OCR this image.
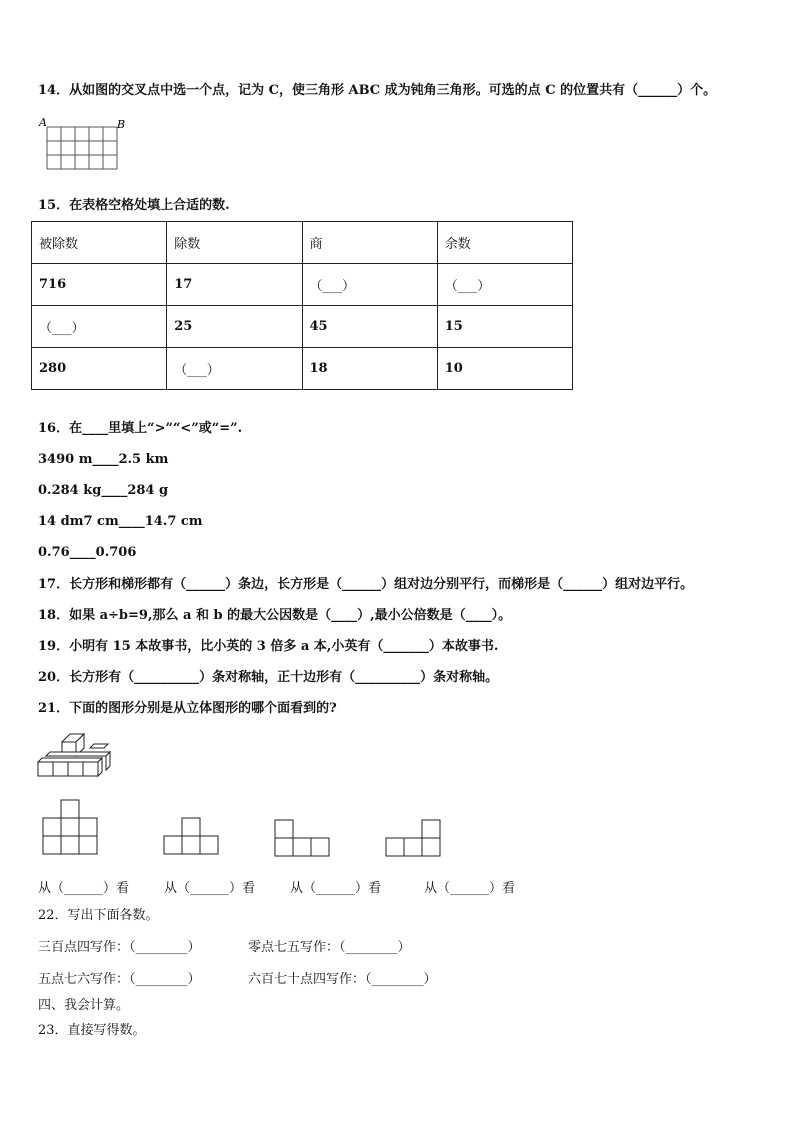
14．从如图的交叉点中选一个点，记为 C，使三角形 ABC 成为钝角三角形。可选的点 C 的位置共有（______）个。
A	B
15．在表格空格处填上合适的数.
被除数	除数	商	余数
716	17	（___）	（___）
（___）	25	45	15
280	（___）	18	10
16．在____里填上“>”“<”或“=”.
3490 m____2.5 km
0.284 kg____284 g
14 dm7 cm____14.7 cm
0.76____0.706
17．长方形和梯形都有（______）条边，长方形是（______）组对边分别平行，而梯形是（______）组对边平行。
18．如果 a÷b=9,那么 a 和 b 的最大公因数是（____）,最小公倍数是（____）。
19．小明有 15 本故事书，比小英的 3 倍多 a 本,小英有（_______）本故事书.
20．长方形有（__________）条对称轴，正十边形有（__________）条对称轴。
21．下面的图形分别是从立体图形的哪个面看到的?
从（______）看	从（______）看	从（______）看	从（______）看
22．写出下面各数。
三百点四写作：（________）	零点七五写作：（________）
五点七六写作：（________）	六百七十点四写作：（________）
四、我会计算。
23．直接写得数。
